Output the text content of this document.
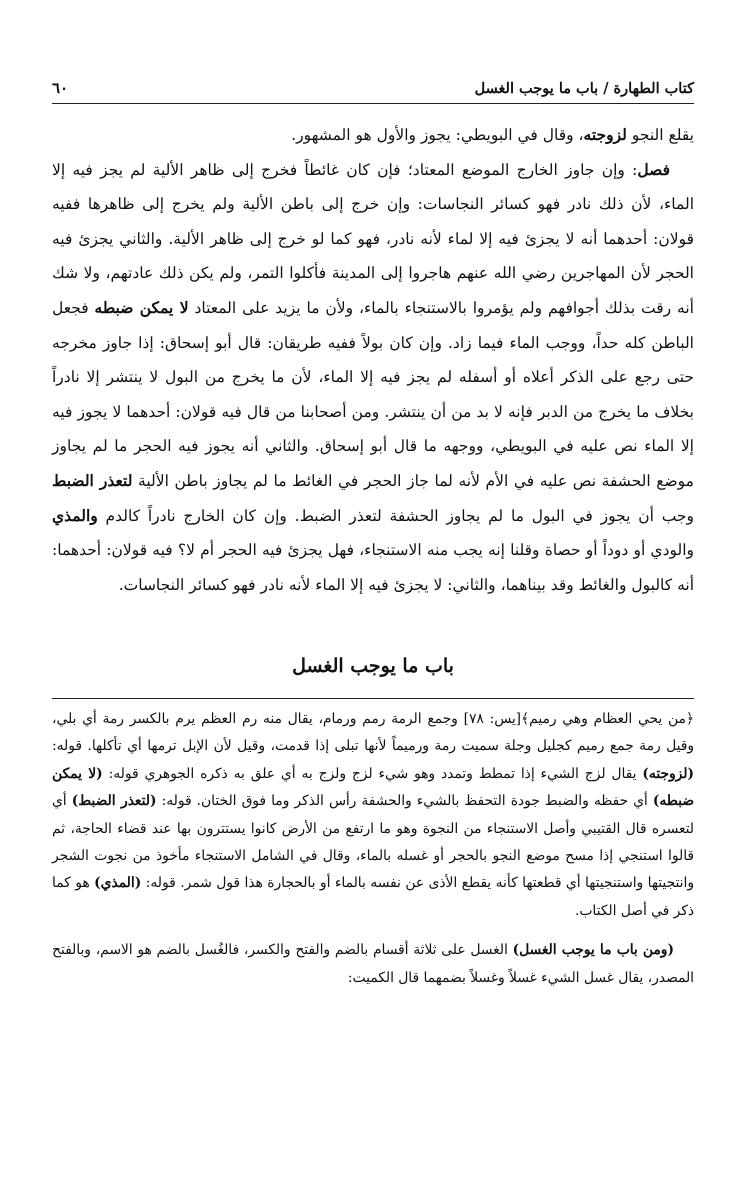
كتاب الطهارة / باب ما يوجب الغسل
٦٠

يقلع النجو لزوجته، وقال في البويطي: يجوز والأول هو المشهور.

فصل: وإن جاوز الخارج الموضع المعتاد؛ فإن كان غائطاً فخرج إلى ظاهر الألية لم يجز فيه إلا الماء، لأن ذلك نادر فهو كسائر النجاسات: وإن خرج إلى باطن الألية ولم يخرج إلى ظاهرها ففيه قولان: أحدهما أنه لا يجزئ فيه إلا لماء لأنه نادر، فهو كما لو خرج إلى ظاهر الألية. والثاني يجزئ فيه الحجر لأن المهاجرين رضي الله عنهم هاجروا إلى المدينة فأكلوا التمر، ولم يكن ذلك عادتهم، ولا شك أنه رقت بذلك أجوافهم ولم يؤمروا بالاستنجاء بالماء، ولأن ما يزيد على المعتاد لا يمكن ضبطه فجعل الباطن كله حداً، ووجب الماء فيما زاد. وإن كان بولاً ففيه طريقان: قال أبو إسحاق: إذا جاوز مخرجه حتى رجع على الذكر أعلاه أو أسفله لم يجز فيه إلا الماء، لأن ما يخرج من البول لا ينتشر إلا نادراً بخلاف ما يخرج من الدبر فإنه لا بد من أن ينتشر. ومن أصحابنا من قال فيه قولان: أحدهما لا يجوز فيه إلا الماء نص عليه في البويطي، ووجهه ما قال أبو إسحاق. والثاني أنه يجوز فيه الحجر ما لم يجاوز موضع الحشفة نص عليه في الأم لأنه لما جاز الحجر في الغائط ما لم يجاوز باطن الألية لتعذر الضبط وجب أن يجوز في البول ما لم يجاوز الحشفة لتعذر الضبط. وإن كان الخارج نادراً كالدم والمذي والودي أو دوداً أو حصاة وقلنا إنه يجب منه الاستنجاء، فهل يجزئ فيه الحجر أم لا؟ فيه قولان: أحدهما: أنه كالبول والغائط وقد بيناهما، والثاني: لا يجزئ فيه إلا الماء لأنه نادر فهو كسائر النجاسات.

باب ما يوجب الغسل

﴿من يحي العظام وهي رميم﴾[يس: ٧٨] وجمع الرمة رمم ورمام، يقال منه رم العظم يرم بالكسر رمة أي بلي، وقيل رمة جمع رميم كجليل وجلة سميت رمة ورميماً لأنها تبلى إذا قدمت، وقيل لأن الإبل ترمها أي تأكلها. قوله: (لزوجته) يقال لزج الشيء إذا تمطط وتمدد وهو شيء لزج ولزج به أي علق به ذكره الجوهري قوله: (لا يمكن ضبطه) أي حفظه والضبط جودة التحفظ بالشيء والحشفة رأس الذكر وما فوق الختان. قوله: (لتعذر الضبط) أي لتعسره قال القتيبي وأصل الاستنجاء من النجوة وهو ما ارتفع من الأرض كانوا يستترون بها عند قضاء الحاجة، ثم قالوا استنجي إذا مسح موضع النجو بالحجر أو غسله بالماء، وقال في الشامل الاستنجاء مأخوذ من نجوت الشجر وانتجيتها واستنجيتها أي قطعتها كأنه يقطع الأذى عن نفسه بالماء أو بالحجارة هذا قول شمر. قوله: (المذي) هو كما ذكر في أصل الكتاب.

(ومن باب ما يوجب الغسل) الغسل على ثلاثة أقسام بالضم والفتح والكسر، فالغُسل بالضم هو الاسم، وبالفتح المصدر، يقال غسل الشيء غسلاً وغسلاً بضمهما قال الكميت:
